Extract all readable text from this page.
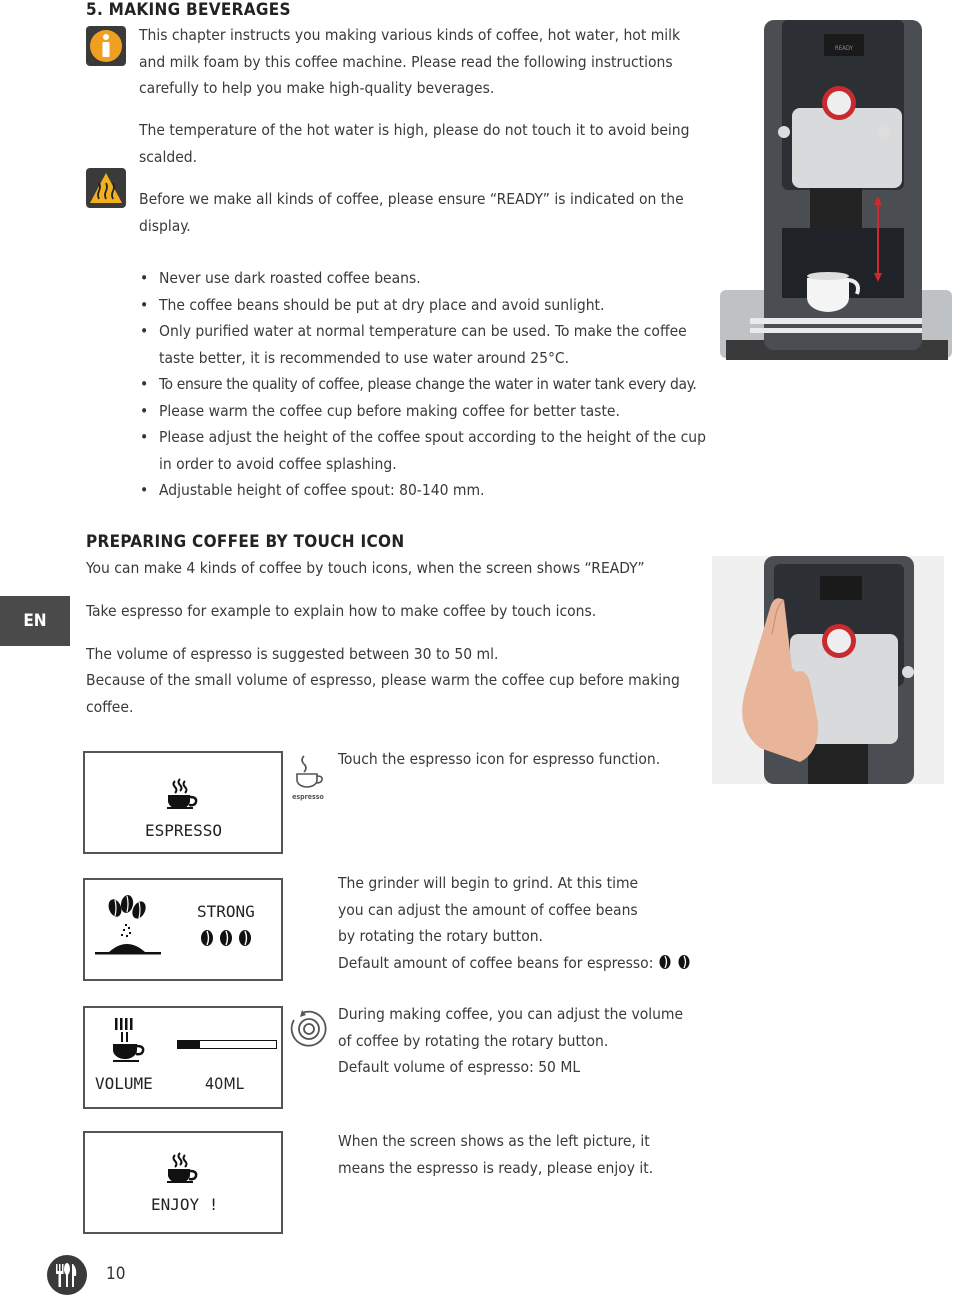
5. MAKING BEVERAGES
This chapter instructs you making various kinds of coffee, hot water, hot milk and milk foam by this coffee machine. Please read the following instructions carefully to help you make high-quality beverages.
The temperature of the hot water is high, please do not touch it to avoid being scalded.
Before we make all kinds of coffee, please ensure “READY” is indicated on the display.
• Never use dark roasted coffee beans.
• The coffee beans should be put at dry place and avoid sunlight.
• Only purified water at normal temperature can be used. To make the coffee taste better, it is recommended to use water around 25°C.
• To ensure the quality of coffee, please change the water in water tank every day.
• Please warm the coffee cup before making coffee for better taste.
• Please adjust the height of the coffee spout according to the height of the cup in order to avoid coffee splashing.
• Adjustable height of coffee spout: 80-140 mm.
READY
PREPARING COFFEE BY TOUCH ICON
You can make 4 kinds of coffee by touch icons, when the screen shows “READY”
EN	Take espresso for example to explain how to make coffee by touch icons.
The volume of espresso is suggested between 30 to 50 ml.
Because of the small volume of espresso, please warm the coffee cup before making coffee.
ESPRESSO
espresso
Touch the espresso icon for espresso function.
STRONG
The grinder will begin to grind. At this time
you can adjust the amount of coffee beans
by rotating the rotary button.
Default amount of coffee beans for espresso:
VOLUME	40ML
During making coffee, you can adjust the volume
of coffee by rotating the rotary button.
Default volume of espresso: 50 ML
ENJOY !
When the screen shows as the left picture, it
means the espresso is ready, please enjoy it.
10
